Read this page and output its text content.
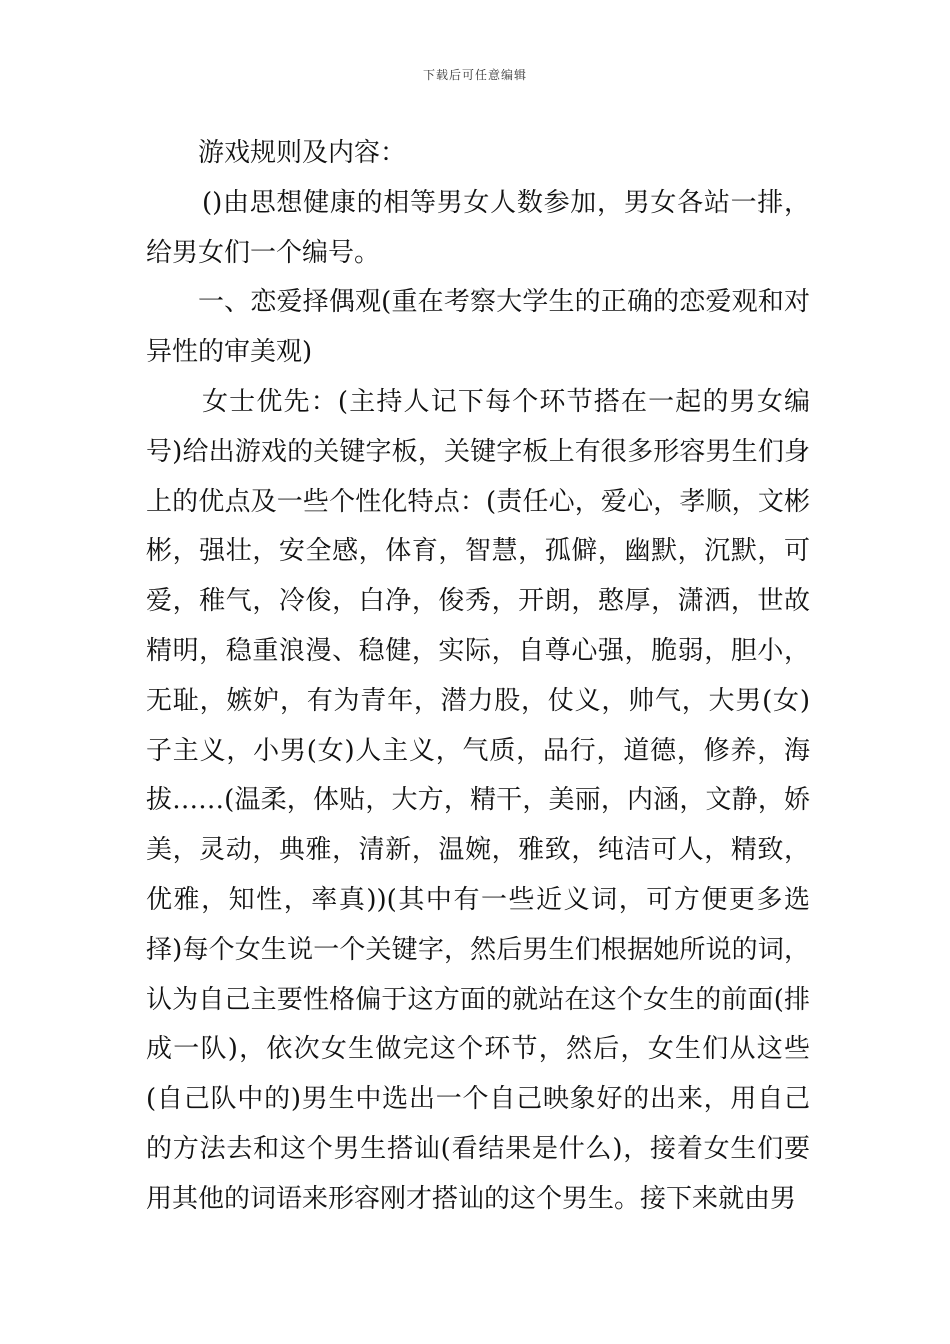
下载后可任意编辑

游戏规则及内容：

()由思想健康的相等男女人数参加，男女各站一排，给男女们一个编号。

一、恋爱择偶观(重在考察大学生的正确的恋爱观和对异性的审美观)

女士优先：(主持人记下每个环节搭在一起的男女编号)给出游戏的关键字板，关键字板上有很多形容男生们身上的优点及一些个性化特点：(责任心，爱心，孝顺，文彬彬，强壮，安全感，体育，智慧，孤僻，幽默，沉默，可爱，稚气，冷俊，白净，俊秀，开朗，憨厚，潇洒，世故精明，稳重浪漫、稳健，实际，自尊心强，脆弱，胆小，无耻，嫉妒，有为青年，潜力股，仗义，帅气，大男(女)子主义，小男(女)人主义，气质，品行，道德，修养，海拔……(温柔，体贴，大方，精干，美丽，内涵，文静，娇美，灵动，典雅，清新，温婉，雅致，纯洁可人，精致，优雅，知性，率真))(其中有一些近义词，可方便更多选择)每个女生说一个关键字，然后男生们根据她所说的词，认为自己主要性格偏于这方面的就站在这个女生的前面(排成一队)，依次女生做完这个环节，然后，女生们从这些(自己队中的)男生中选出一个自己映象好的出来，用自己的方法去和这个男生搭讪(看结果是什么)，接着女生们要用其他的词语来形容刚才搭讪的这个男生。接下来就由男
